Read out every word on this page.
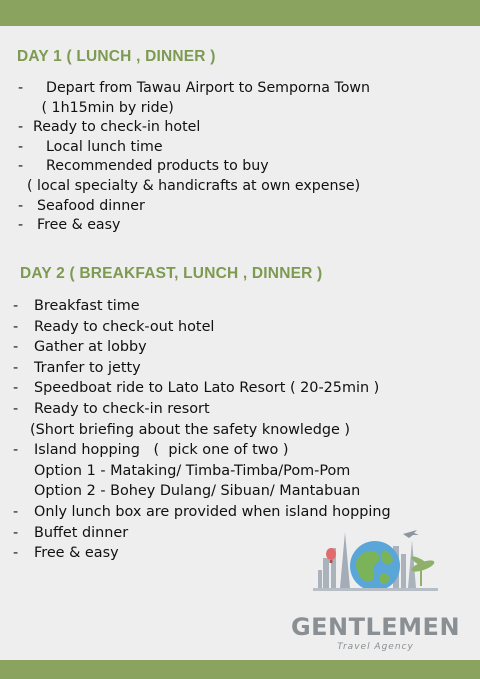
DAY 1 ( LUNCH , DINNER )
-   Depart from Tawau Airport to Semporna Town
( 1h15min by ride)
- Ready to check-in hotel
-   Local lunch time
-   Recommended products to buy
( local specialty & handicrafts at own expense)
- Seafood dinner
- Free & easy
DAY 2 ( BREAKFAST, LUNCH , DINNER )
- Breakfast time
- Ready to check-out hotel
- Gather at lobby
- Tranfer to jetty
- Speedboat ride to Lato Lato Resort ( 20-25min )
- Ready to check-in resort
(Short briefing about the safety knowledge )
- Island hopping   (  pick one of two )
Option 1 - Mataking/ Timba-Timba/Pom-Pom
Option 2 - Bohey Dulang/ Sibuan/ Mantabuan
- Only lunch box are provided when island hopping
- Buffet dinner
- Free & easy

GENTLEMEN

Travel Agency
